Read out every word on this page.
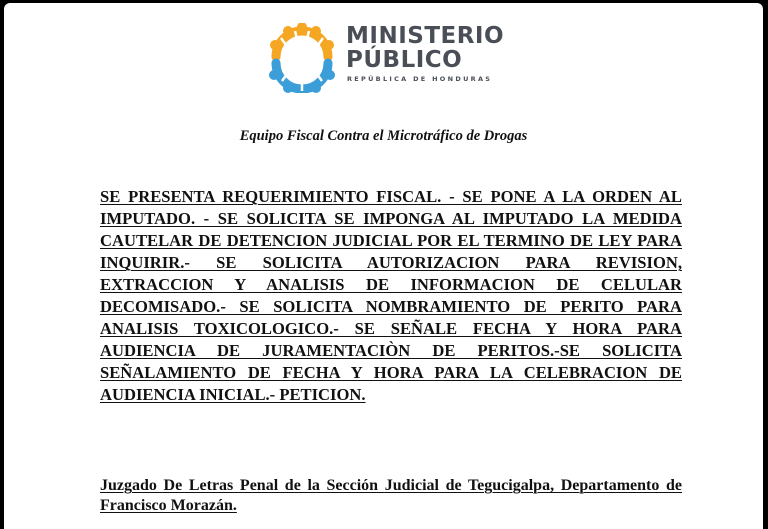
MINISTERIO
PÚBLICO
REPÚBLICA DE HONDURAS
Equipo Fiscal Contra el Microtráfico de Drogas
SE PRESENTA REQUERIMIENTO FISCAL. - SE PONE A LA ORDEN AL IMPUTADO. - SE SOLICITA SE IMPONGA AL IMPUTADO LA MEDIDA CAUTELAR DE DETENCION JUDICIAL POR EL TERMINO DE LEY PARA INQUIRIR.- SE SOLICITA AUTORIZACION PARA REVISION, EXTRACCION Y ANALISIS DE INFORMACION DE CELULAR DECOMISADO.- SE SOLICITA NOMBRAMIENTO DE PERITO PARA ANALISIS TOXICOLOGICO.- SE SEÑALE FECHA Y HORA PARA AUDIENCIA DE JURAMENTACIÒN DE PERITOS.-SE SOLICITA SEÑALAMIENTO DE FECHA Y HORA PARA LA CELEBRACION DE AUDIENCIA INICIAL.- PETICION.
Juzgado De Letras Penal de la Sección Judicial de Tegucigalpa, Departamento de Francisco Morazán.
